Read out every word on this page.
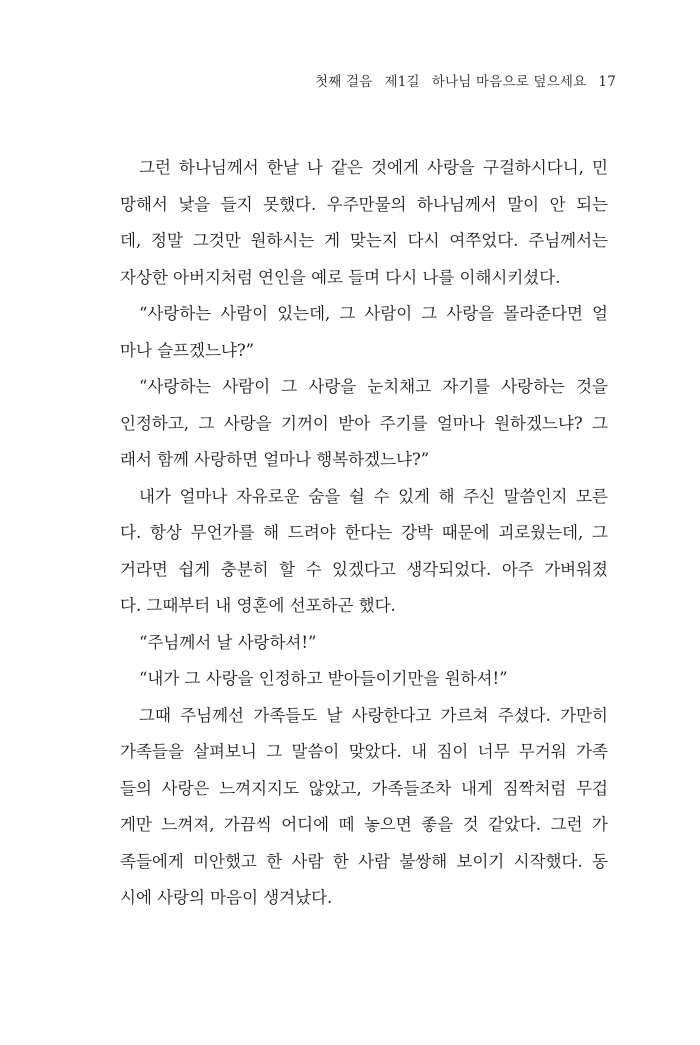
첫째 걸음 제1길 하나님 마음으로 덮으세요 17
그런 하나님께서 한낱 나 같은 것에게 사랑을 구걸하시다니, 민
망해서 낯을 들지 못했다. 우주만물의 하나님께서 말이 안 되는
데, 정말 그것만 원하시는 게 맞는지 다시 여쭈었다. 주님께서는
자상한 아버지처럼 연인을 예로 들며 다시 나를 이해시키셨다.
“사랑하는 사람이 있는데, 그 사람이 그 사랑을 몰라준다면 얼
마나 슬프겠느냐?”
“사랑하는 사람이 그 사랑을 눈치채고 자기를 사랑하는 것을
인정하고, 그 사랑을 기꺼이 받아 주기를 얼마나 원하겠느냐? 그
래서 함께 사랑하면 얼마나 행복하겠느냐?”
내가 얼마나 자유로운 숨을 쉴 수 있게 해 주신 말씀인지 모른
다. 항상 무언가를 해 드려야 한다는 강박 때문에 괴로웠는데, 그
거라면 쉽게 충분히 할 수 있겠다고 생각되었다. 아주 가벼워졌
다. 그때부터 내 영혼에 선포하곤 했다.
“주님께서 날 사랑하셔!”
“내가 그 사랑을 인정하고 받아들이기만을 원하셔!”
그때 주님께선 가족들도 날 사랑한다고 가르쳐 주셨다. 가만히
가족들을 살펴보니 그 말씀이 맞았다. 내 짐이 너무 무거워 가족
들의 사랑은 느껴지지도 않았고, 가족들조차 내게 짐짝처럼 무겁
게만 느껴져, 가끔씩 어디에 떼 놓으면 좋을 것 같았다. 그런 가
족들에게 미안했고 한 사람 한 사람 불쌍해 보이기 시작했다. 동
시에 사랑의 마음이 생겨났다.
